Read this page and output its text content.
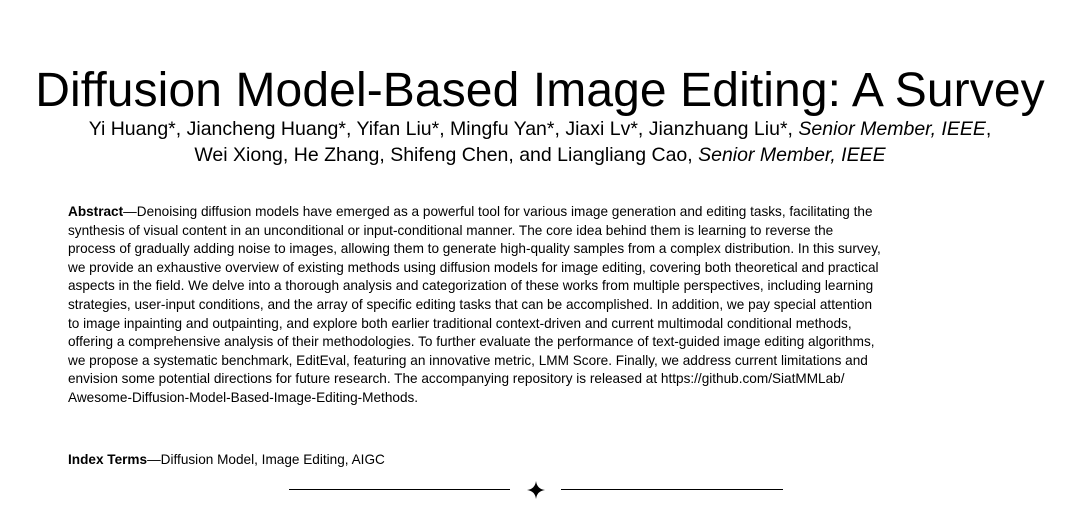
Diffusion Model-Based Image Editing: A Survey
Yi Huang*, Jiancheng Huang*, Yifan Liu*, Mingfu Yan*, Jiaxi Lv*, Jianzhuang Liu*, Senior Member, IEEE,
Wei Xiong, He Zhang, Shifeng Chen, and Liangliang Cao, Senior Member, IEEE
Abstract—Denoising diffusion models have emerged as a powerful tool for various image generation and editing tasks, facilitating the
synthesis of visual content in an unconditional or input-conditional manner. The core idea behind them is learning to reverse the
process of gradually adding noise to images, allowing them to generate high-quality samples from a complex distribution. In this survey,
we provide an exhaustive overview of existing methods using diffusion models for image editing, covering both theoretical and practical
aspects in the field. We delve into a thorough analysis and categorization of these works from multiple perspectives, including learning
strategies, user-input conditions, and the array of specific editing tasks that can be accomplished. In addition, we pay special attention
to image inpainting and outpainting, and explore both earlier traditional context-driven and current multimodal conditional methods,
offering a comprehensive analysis of their methodologies. To further evaluate the performance of text-guided image editing algorithms,
we propose a systematic benchmark, EditEval, featuring an innovative metric, LMM Score. Finally, we address current limitations and
envision some potential directions for future research. The accompanying repository is released at https://github.com/SiatMMLab/
Awesome-Diffusion-Model-Based-Image-Editing-Methods.
Index Terms—Diffusion Model, Image Editing, AIGC
